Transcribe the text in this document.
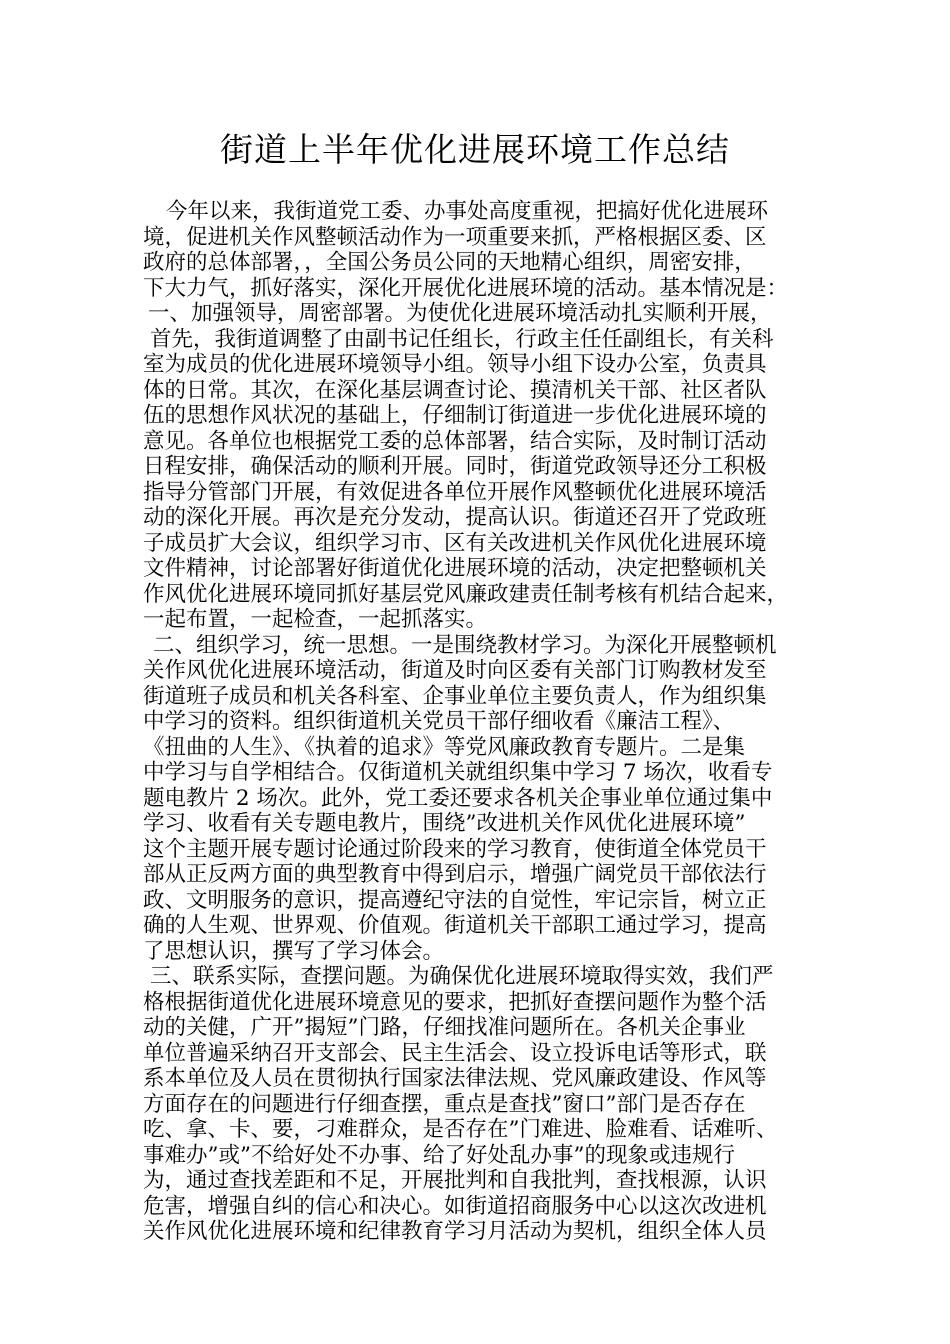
街道上半年优化进展环境工作总结
今年以来，我街道党工委、办事处高度重视，把搞好优化进展环
境，促进机关作风整顿活动作为一项重要来抓，严格根据区委、区
政府的总体部署，，全国公务员公同的天地精心组织，周密安排，
下大力气，抓好落实，深化开展优化进展环境的活动。基本情况是：
一、加强领导，周密部署。为使优化进展环境活动扎实顺利开展，
首先，我街道调整了由副书记任组长，行政主任任副组长，有关科
室为成员的优化进展环境领导小组。领导小组下设办公室，负责具
体的日常。其次，在深化基层调查讨论、摸清机关干部、社区者队
伍的思想作风状况的基础上，仔细制订街道进一步优化进展环境的
意见。各单位也根据党工委的总体部署，结合实际，及时制订活动
日程安排，确保活动的顺利开展。同时，街道党政领导还分工积极
指导分管部门开展，有效促进各单位开展作风整顿优化进展环境活
动的深化开展。再次是充分发动，提高认识。街道还召开了党政班
子成员扩大会议，组织学习市、区有关改进机关作风优化进展环境
文件精神，讨论部署好街道优化进展环境的活动，决定把整顿机关
作风优化进展环境同抓好基层党风廉政建责任制考核有机结合起来，
一起布置，一起检查，一起抓落实。
二、组织学习，统一思想。一是围绕教材学习。为深化开展整顿机
关作风优化进展环境活动，街道及时向区委有关部门订购教材发至
街道班子成员和机关各科室、企事业单位主要负责人，作为组织集
中学习的资料。组织街道机关党员干部仔细收看《廉洁工程》、
《扭曲的人生》、《执着的追求》等党风廉政教育专题片。二是集
中学习与自学相结合。仅街道机关就组织集中学习 7 场次，收看专
题电教片 2 场次。此外，党工委还要求各机关企事业单位通过集中
学习、收看有关专题电教片，围绕”改进机关作风优化进展环境”
这个主题开展专题讨论通过阶段来的学习教育，使街道全体党员干
部从正反两方面的典型教育中得到启示，增强广阔党员干部依法行
政、文明服务的意识，提高遵纪守法的自觉性，牢记宗旨，树立正
确的人生观、世界观、价值观。街道机关干部职工通过学习，提高
了思想认识，撰写了学习体会。
三、联系实际，查摆问题。为确保优化进展环境取得实效，我们严
格根据街道优化进展环境意见的要求，把抓好查摆问题作为整个活
动的关健，广开”揭短”门路，仔细找准问题所在。各机关企事业
单位普遍采纳召开支部会、民主生活会、设立投诉电话等形式，联
系本单位及人员在贯彻执行国家法律法规、党风廉政建设、作风等
方面存在的问题进行仔细查摆，重点是查找”窗口”部门是否存在
吃、拿、卡、要，刁难群众，是否存在”门难进、脸难看、话难听、
事难办”或”不给好处不办事、给了好处乱办事”的现象或违规行
为，通过查找差距和不足，开展批判和自我批判，查找根源，认识
危害，增强自纠的信心和决心。如街道招商服务中心以这次改进机
关作风优化进展环境和纪律教育学习月活动为契机，组织全体人员
